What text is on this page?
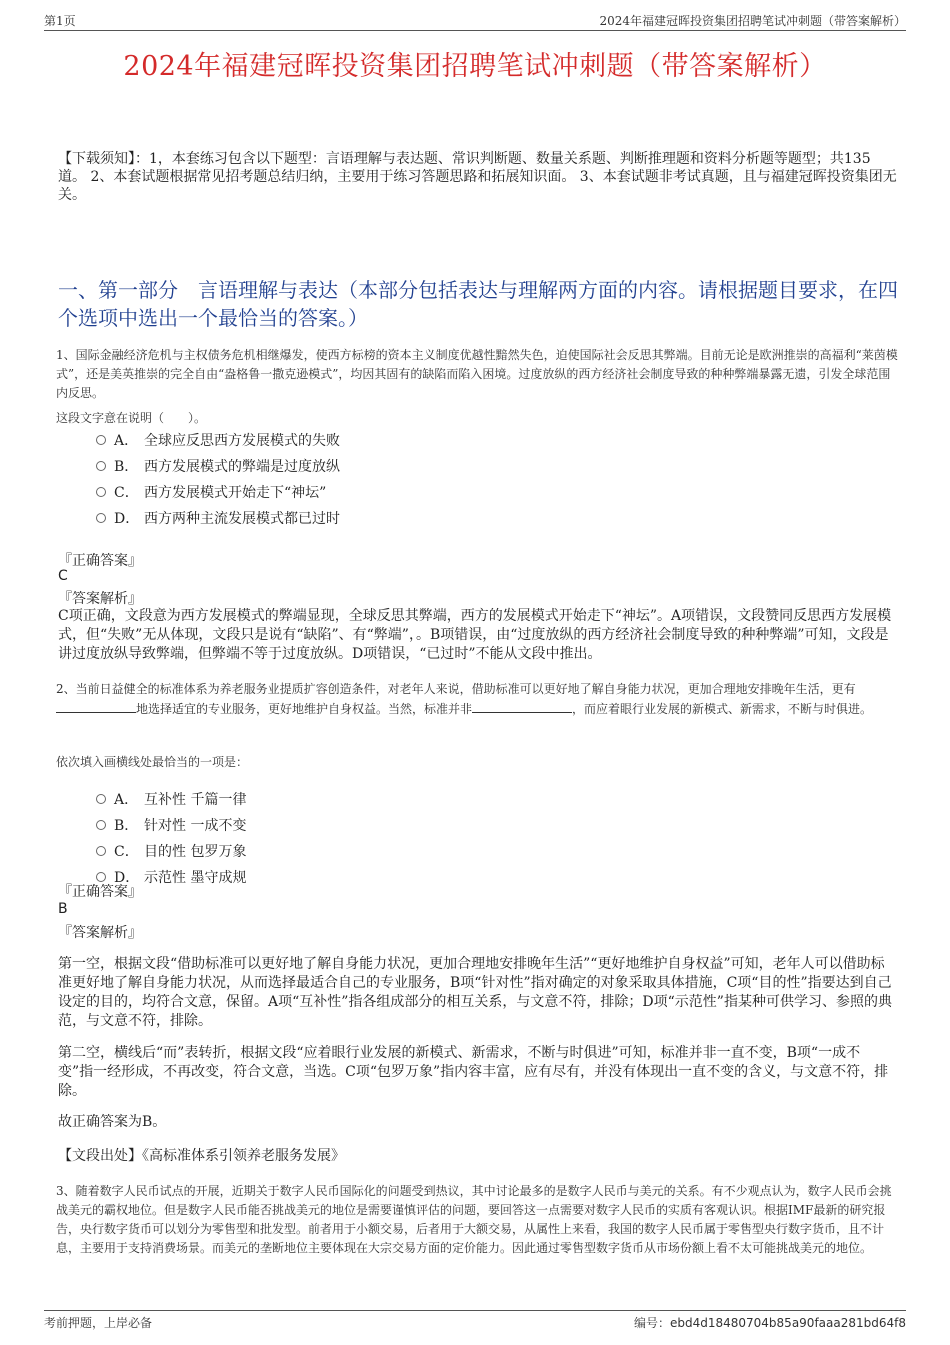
第1页	2024年福建冠晖投资集团招聘笔试冲刺题（带答案解析）
2024年福建冠晖投资集团招聘笔试冲刺题（带答案解析）
【下载须知】：1，本套练习包含以下题型：言语理解与表达题、常识判断题、数量关系题、判断推理题和资料分析题等题型；共135道。 2、本套试题根据常见招考题总结归纳，主要用于练习答题思路和拓展知识面。 3、本套试题非考试真题，且与福建冠晖投资集团无关。
一、第一部分　言语理解与表达（本部分包括表达与理解两方面的内容。请根据题目要求，在四个选项中选出一个最恰当的答案。）
1、国际金融经济危机与主权债务危机相继爆发，使西方标榜的资本主义制度优越性黯然失色，迫使国际社会反思其弊端。目前无论是欧洲推崇的高福利“莱茵模式”，还是美英推崇的完全自由“盎格鲁一撒克逊模式”，均因其固有的缺陷而陷入困境。过度放纵的西方经济社会制度导致的种种弊端暴露无遗，引发全球范围内反思。
这段文字意在说明（　　）。
A． 全球应反思西方发展模式的失败
B． 西方发展模式的弊端是过度放纵
C． 西方发展模式开始走下“神坛”
D． 西方两种主流发展模式都已过时
『正确答案』
C
『答案解析』
C项正确，文段意为西方发展模式的弊端显现，全球反思其弊端，西方的发展模式开始走下“神坛”。A项错误，文段赞同反思西方发展模式，但“失败”无从体现，文段只是说有“缺陷”、有“弊端”，。B项错误，由“过度放纵的西方经济社会制度导致的种种弊端”可知，文段是讲过度放纵导致弊端，但弊端不等于过度放纵。D项错误，“已过时”不能从文段中推出。
2、当前日益健全的标准体系为养老服务业提质扩容创造条件，对老年人来说，借助标准可以更好地了解自身能力状况，更加合理地安排晚年生活，更有地选择适宜的专业服务，更好地维护自身权益。当然，标准并非	，而应着眼行业发展的新模式、新需求，不断与时俱进。
依次填入画横线处最恰当的一项是：
A． 互补性 千篇一律
B． 针对性 一成不变
C． 目的性 包罗万象
D． 示范性 墨守成规
『正确答案』
B
『答案解析』
第一空，根据文段“借助标准可以更好地了解自身能力状况，更加合理地安排晚年生活”“更好地维护自身权益”可知，老年人可以借助标准更好地了解自身能力状况，从而选择最适合自己的专业服务，B项“针对性”指对确定的对象采取具体措施，C项“目的性”指要达到自己设定的目的，均符合文意，保留。A项“互补性”指各组成部分的相互关系，与文意不符，排除；D项“示范性”指某种可供学习、参照的典范，与文意不符，排除。
第二空，横线后“而”表转折，根据文段“应着眼行业发展的新模式、新需求，不断与时俱进”可知，标准并非一直不变，B项“一成不变”指一经形成，不再改变，符合文意，当选。C项“包罗万象”指内容丰富，应有尽有，并没有体现出一直不变的含义，与文意不符，排除。
故正确答案为B。
【文段出处】《高标准体系引领养老服务发展》
3、随着数字人民币试点的开展，近期关于数字人民币国际化的问题受到热议，其中讨论最多的是数字人民币与美元的关系。有不少观点认为，数字人民币会挑战美元的霸权地位。但是数字人民币能否挑战美元的地位是需要谨慎评估的问题，要回答这一点需要对数字人民币的实质有客观认识。根据IMF最新的研究报告，央行数字货币可以划分为零售型和批发型。前者用于小额交易，后者用于大额交易，从属性上来看，我国的数字人民币属于零售型央行数字货币，且不计息，主要用于支持消费场景。而美元的垄断地位主要体现在大宗交易方面的定价能力。因此通过零售型数字货币从市场份额上看不太可能挑战美元的地位。
考前押题，上岸必备	编号：ebd4d18480704b85a90faaa281bd64f8
